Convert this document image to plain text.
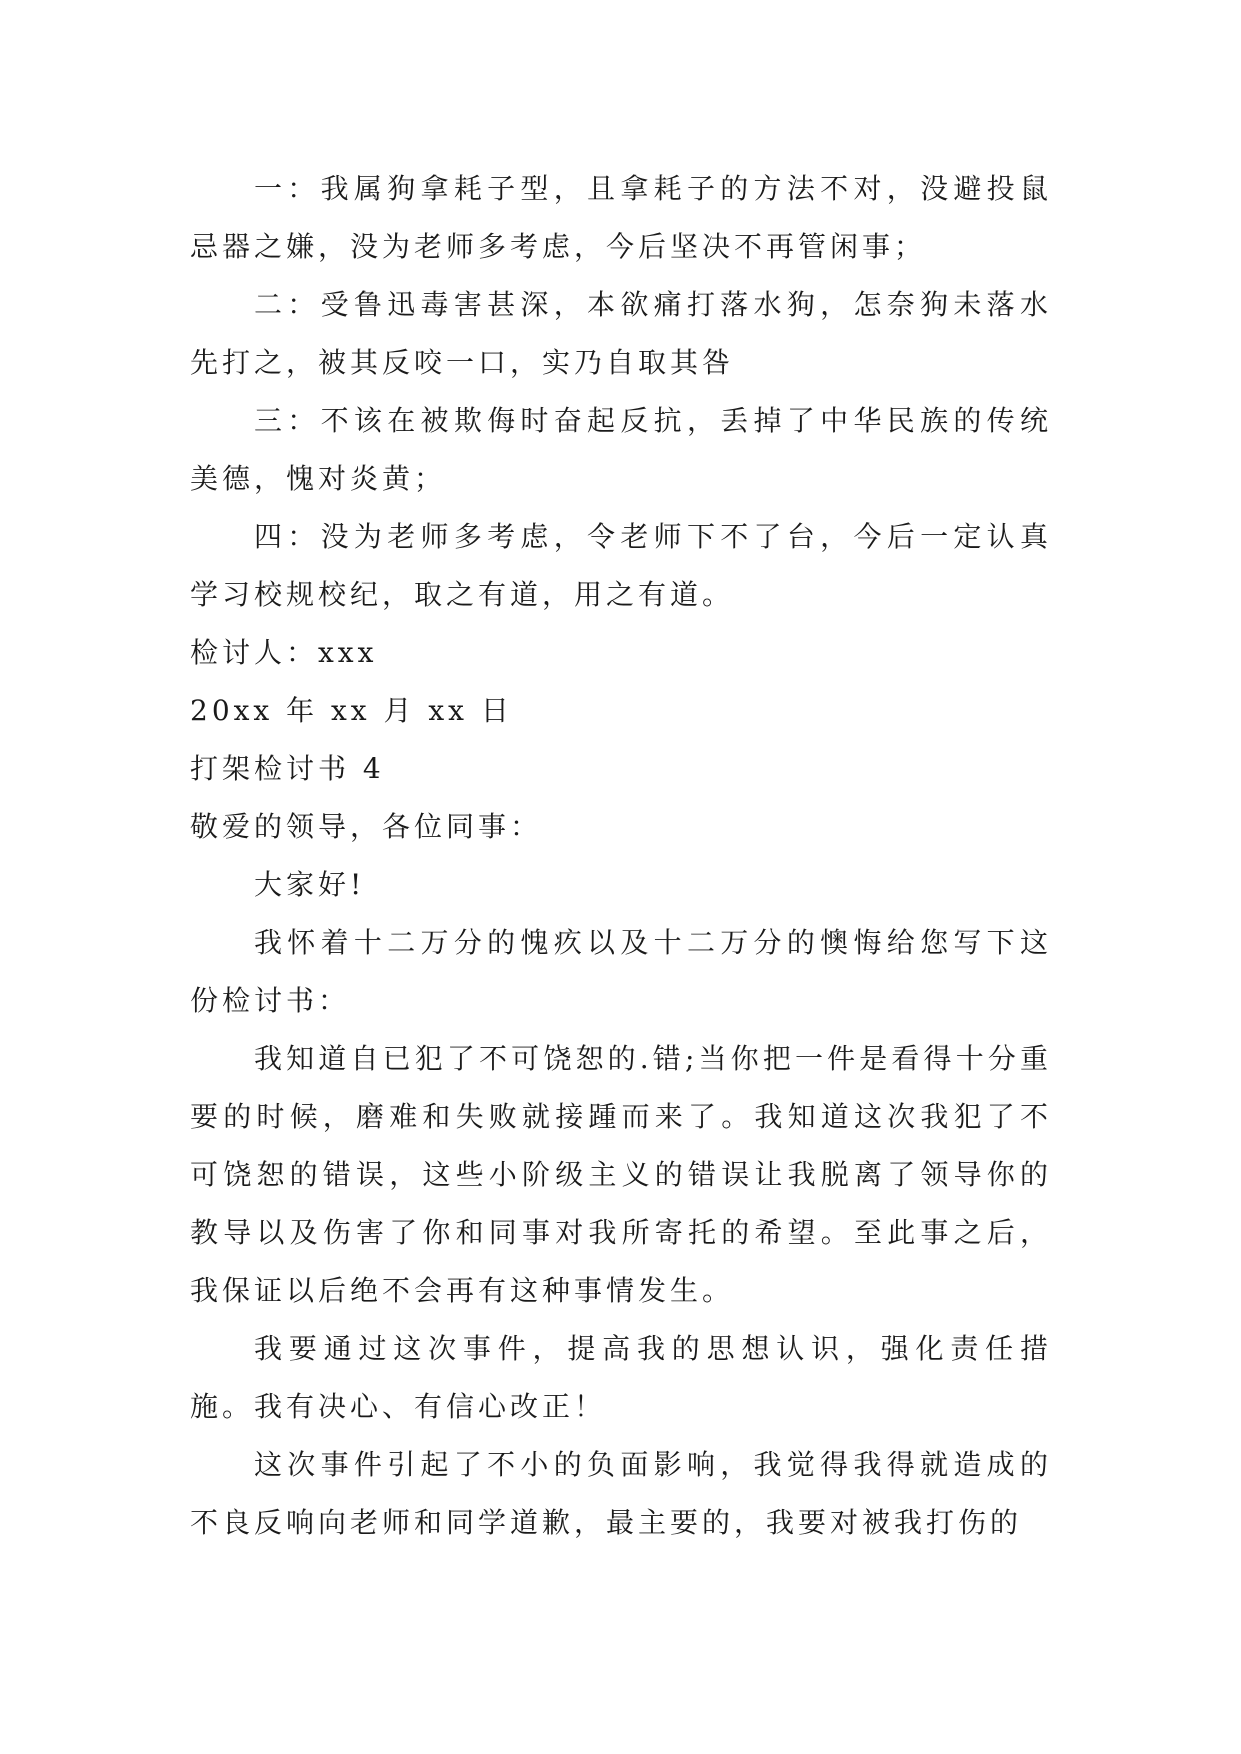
一：我属狗拿耗子型，且拿耗子的方法不对，没避投鼠忌器之嫌，没为老师多考虑，今后坚决不再管闲事；

二：受鲁迅毒害甚深，本欲痛打落水狗，怎奈狗未落水先打之，被其反咬一口，实乃自取其咎

三：不该在被欺侮时奋起反抗，丢掉了中华民族的传统美德，愧对炎黄；

四：没为老师多考虑，令老师下不了台，今后一定认真学习校规校纪，取之有道，用之有道。

检讨人：xxx

20xx 年 xx 月 xx 日

打架检讨书 4

敬爱的领导，各位同事：

大家好!

我怀着十二万分的愧疚以及十二万分的懊悔给您写下这份检讨书：

我知道自已犯了不可饶恕的.错;当你把一件是看得十分重要的时候，磨难和失败就接踵而来了。我知道这次我犯了不可饶恕的错误，这些小阶级主义的错误让我脱离了领导你的教导以及伤害了你和同事对我所寄托的希望。至此事之后，我保证以后绝不会再有这种事情发生。

我要通过这次事件，提高我的思想认识，强化责任措施。我有决心、有信心改正！

这次事件引起了不小的负面影响，我觉得我得就造成的不良反响向老师和同学道歉，最主要的，我要对被我打伤的
